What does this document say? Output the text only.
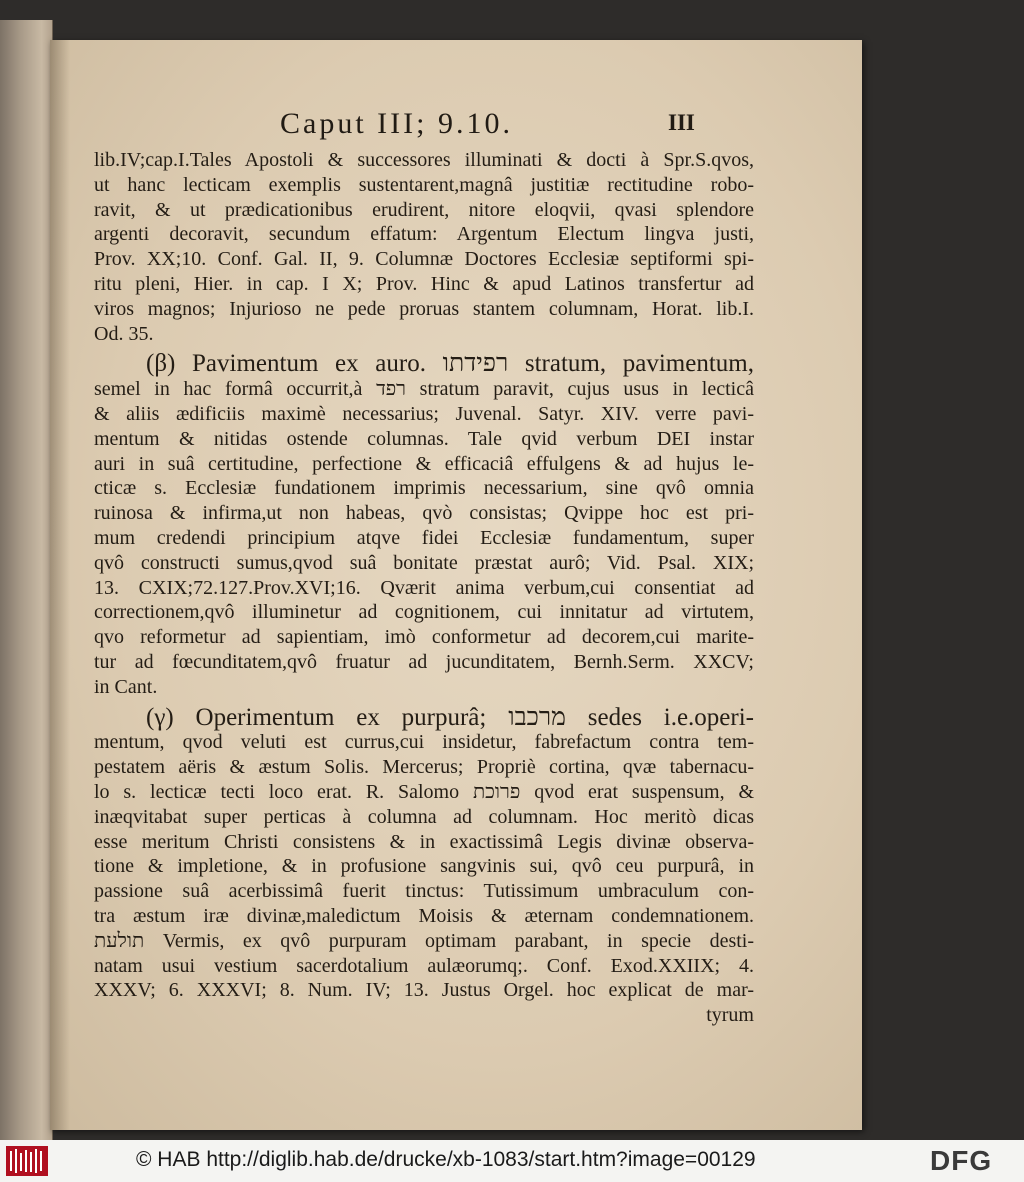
Caput III; 9.10.	III
lib.IV;cap.I.Tales Apostoli & successores illuminati & docti à Spr.S.qvos,
ut hanc lecticam exemplis sustentarent,magnâ justitiæ rectitudine robo-
ravit, & ut prædicationibus erudirent, nitore eloqvii, qvasi splendore
argenti decoravit, secundum effatum: Argentum Electum lingva justi,
Prov. XX;10. Conf. Gal. II, 9. Columnæ Doctores Ecclesiæ septiformi spi-
ritu pleni, Hier. in cap. I X; Prov. Hinc & apud Latinos transfertur ad
viros magnos; Injurioso ne pede proruas stantem columnam, Horat. lib.I.
Od. 35.
(β) Pavimentum ex auro. רפידתו stratum, pavimentum,
semel in hac formâ occurrit,à רפד stratum paravit, cujus usus in lecticâ
& aliis ædificiis maximè necessarius; Juvenal. Satyr. XIV. verre pavi-
mentum & nitidas ostende columnas. Tale qvid verbum DEI instar
auri in suâ certitudine, perfectione & efficaciâ effulgens & ad hujus le-
cticæ s. Ecclesiæ fundationem imprimis necessarium, sine qvô omnia
ruinosa & infirma,ut non habeas, qvò consistas; Qvippe hoc est pri-
mum credendi principium atqve fidei Ecclesiæ fundamentum, super
qvô constructi sumus,qvod suâ bonitate præstat aurô; Vid. Psal. XIX;
13. CXIX;72.127.Prov.XVI;16. Qværit anima verbum,cui consentiat ad
correctionem,qvô illuminetur ad cognitionem, cui innitatur ad virtutem,
qvo reformetur ad sapientiam, imò conformetur ad decorem,cui marite-
tur ad fœcunditatem,qvô fruatur ad jucunditatem, Bernh.Serm. XXCV;
in Cant.
(γ) Operimentum ex purpurâ; מרכבו sedes i.e.operi-
mentum, qvod veluti est currus,cui insidetur, fabrefactum contra tem-
pestatem aëris & æstum Solis. Mercerus; Propriè cortina, qvæ tabernacu-
lo s. lecticæ tecti loco erat. R. Salomo פרוכת qvod erat suspensum, &
inæqvitabat super perticas à columna ad columnam. Hoc meritò dicas
esse meritum Christi consistens & in exactissimâ Legis divinæ observa-
tione & impletione, & in profusione sangvinis sui, qvô ceu purpurâ, in
passione suâ acerbissimâ fuerit tinctus: Tutissimum umbraculum con-
tra æstum iræ divinæ,maledictum Moisis & æternam condemnationem.
תולעת Vermis, ex qvô purpuram optimam parabant, in specie desti-
natam usui vestium sacerdotalium aulæorumq;. Conf. Exod.XXIIX; 4.
XXXV; 6. XXXVI; 8. Num. IV; 13. Justus Orgel. hoc explicat de mar-
tyrum
© HAB http://diglib.hab.de/drucke/xb-1083/start.htm?image=00129	DFG
